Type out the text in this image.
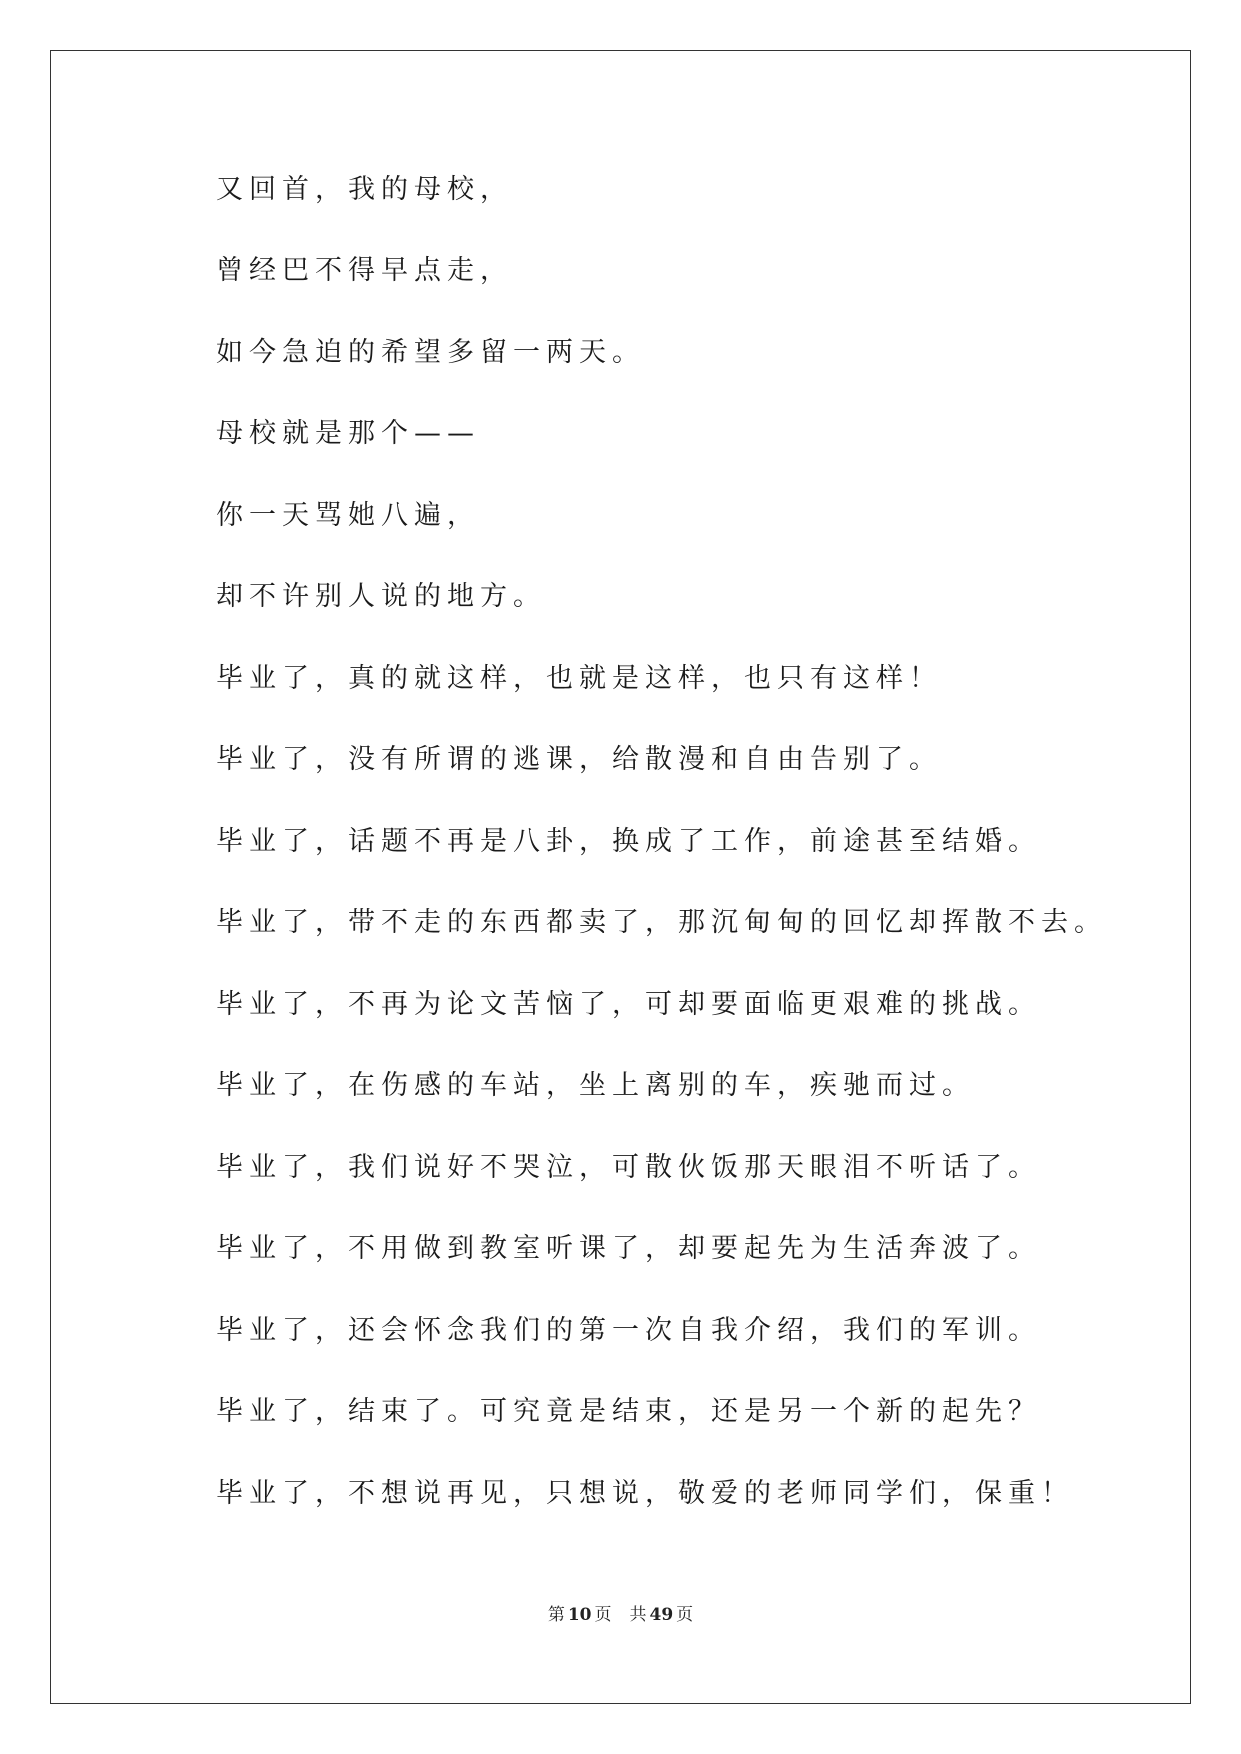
又回首，我的母校，
曾经巴不得早点走，
如今急迫的希望多留一两天。
母校就是那个——
你一天骂她八遍，
却不许别人说的地方。
毕业了，真的就这样，也就是这样，也只有这样！
毕业了，没有所谓的逃课，给散漫和自由告别了。
毕业了，话题不再是八卦，换成了工作，前途甚至结婚。
毕业了，带不走的东西都卖了，那沉甸甸的回忆却挥散不去。
毕业了，不再为论文苦恼了，可却要面临更艰难的挑战。
毕业了，在伤感的车站，坐上离别的车，疾驰而过。
毕业了，我们说好不哭泣，可散伙饭那天眼泪不听话了。
毕业了，不用做到教室听课了，却要起先为生活奔波了。
毕业了，还会怀念我们的第一次自我介绍，我们的军训。
毕业了，结束了。可究竟是结束，还是另一个新的起先？
毕业了，不想说再见，只想说，敬爱的老师同学们，保重！
第 10 页 共 49 页
